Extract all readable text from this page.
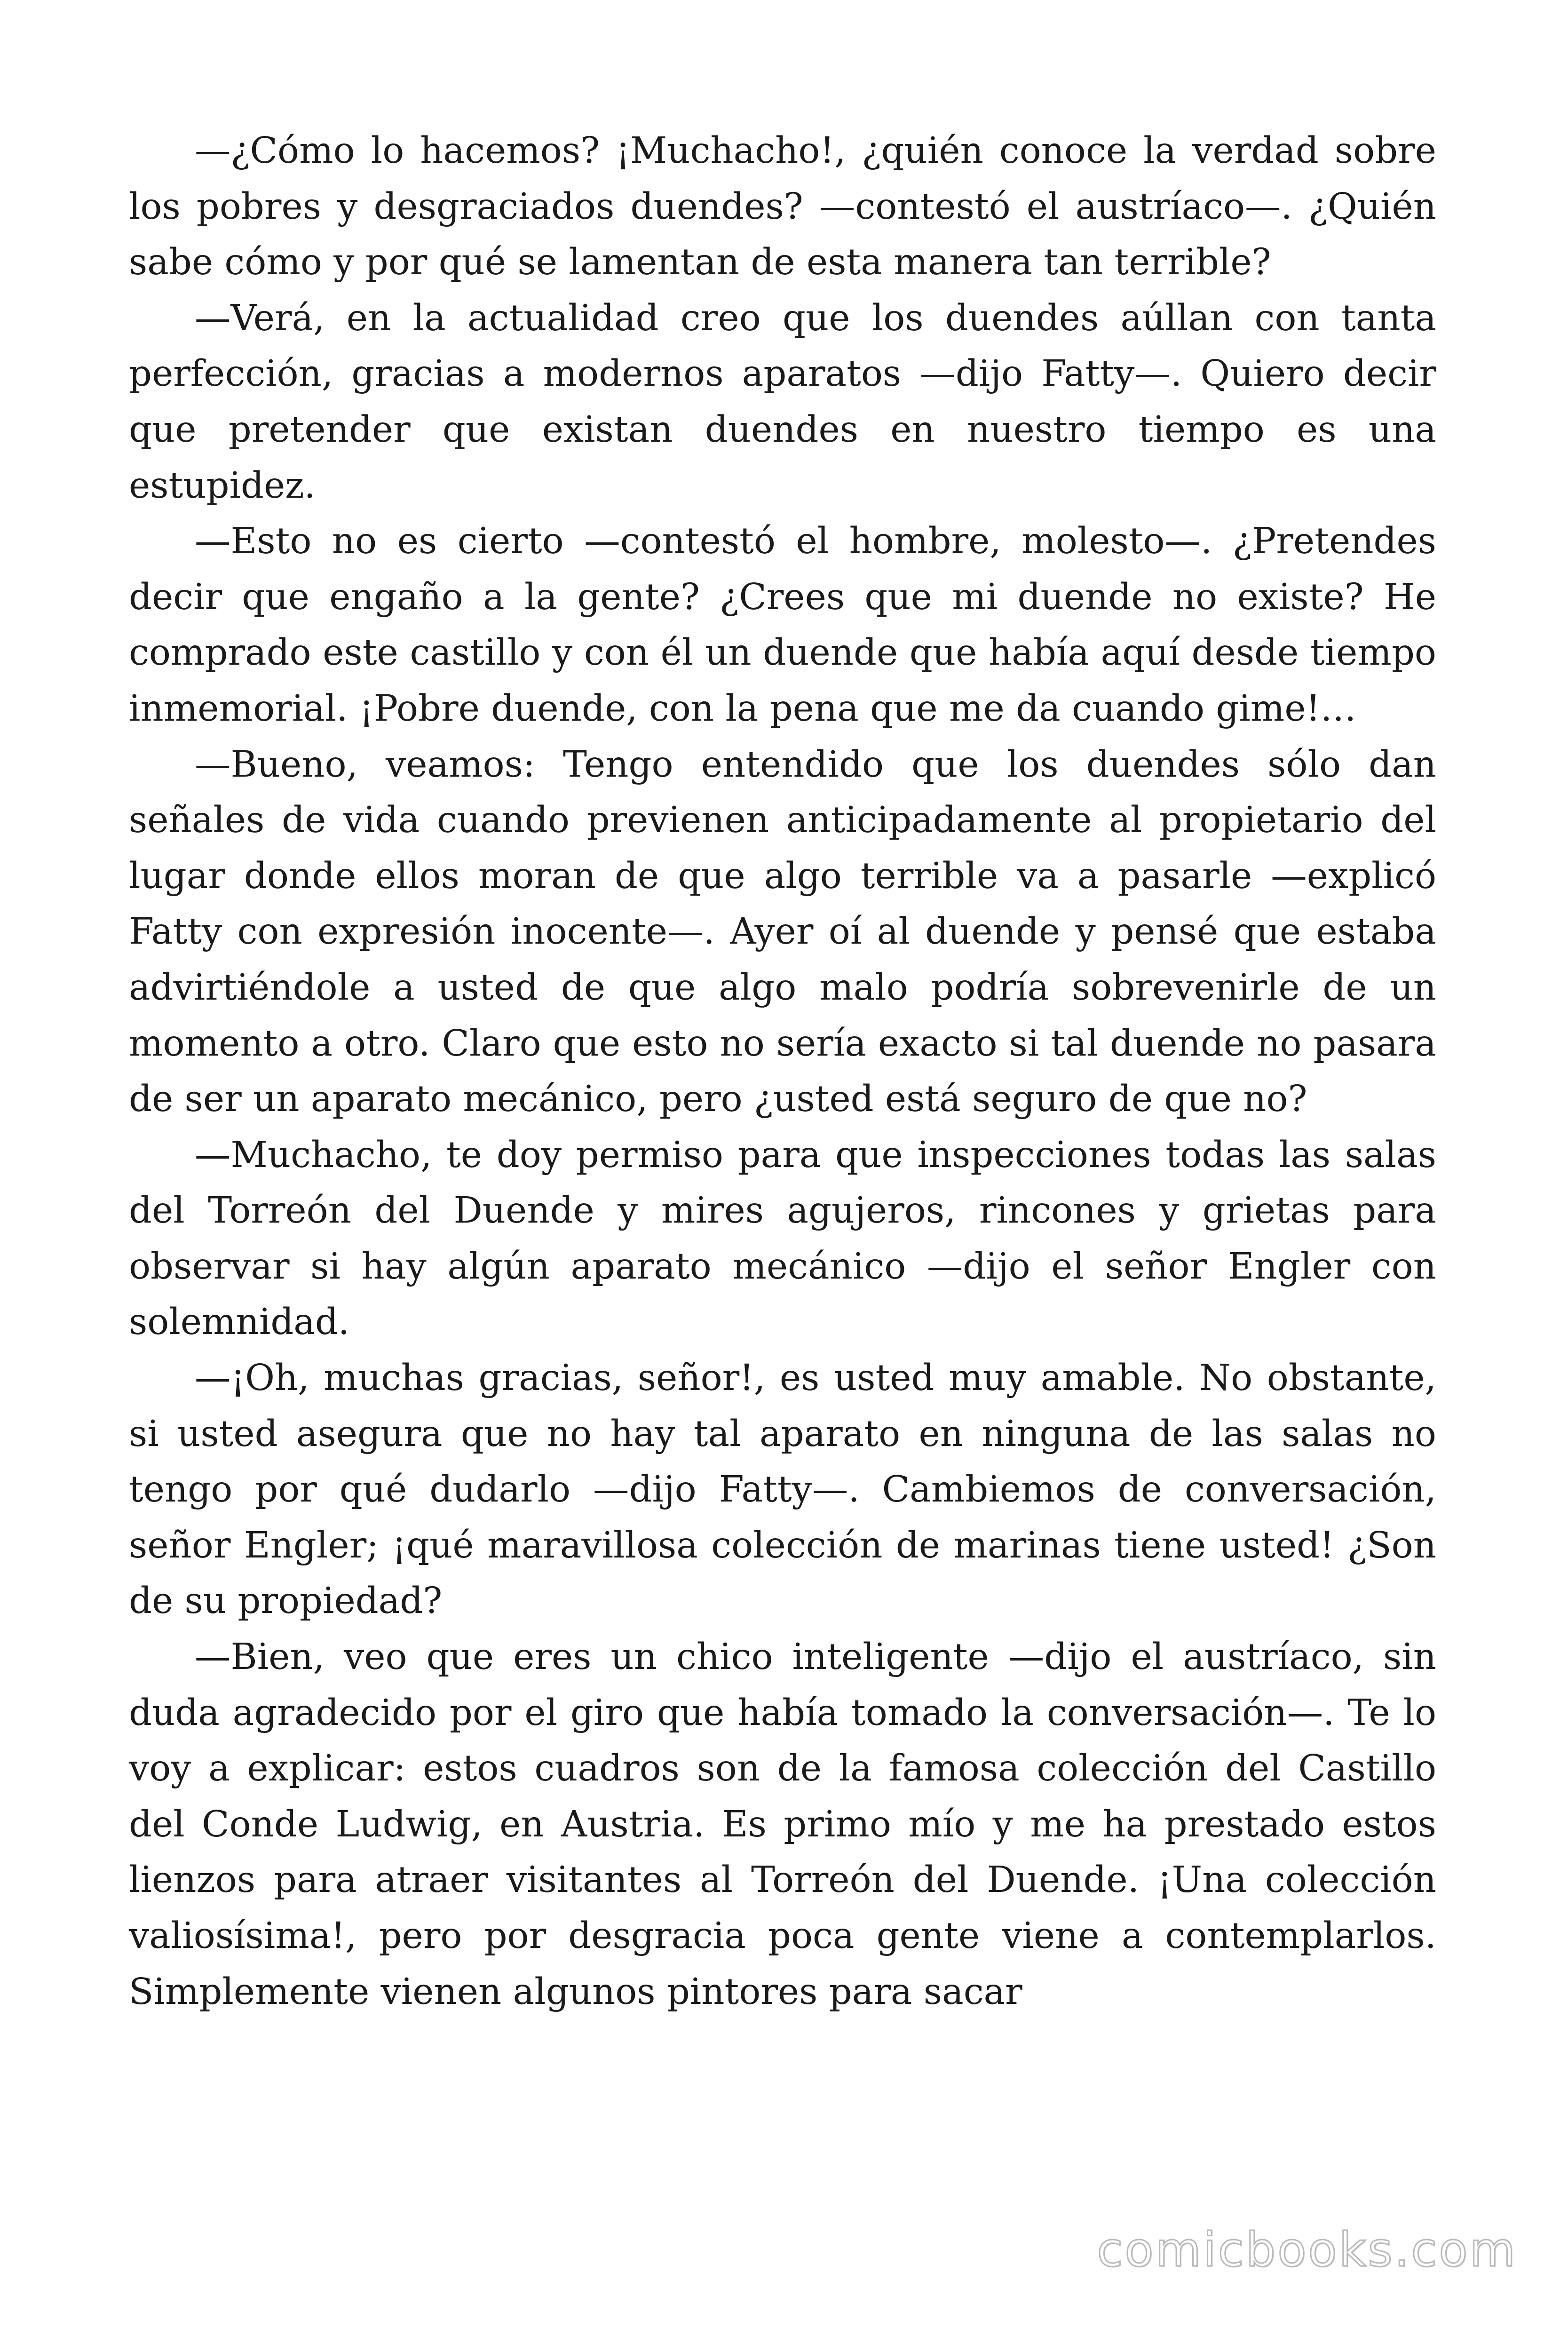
—¿Cómo lo hacemos? ¡Muchacho!, ¿quién conoce la verdad sobre los pobres y desgraciados duendes? —contestó el austríaco—. ¿Quién sabe cómo y por qué se lamentan de esta manera tan terrible?

—Verá, en la actualidad creo que los duendes aúllan con tanta perfección, gracias a modernos aparatos —dijo Fatty—. Quiero decir que pretender que existan duendes en nuestro tiempo es una estupidez.

—Esto no es cierto —contestó el hombre, molesto—. ¿Pretendes decir que engaño a la gente? ¿Crees que mi duende no existe? He comprado este castillo y con él un duende que había aquí desde tiempo inmemorial. ¡Pobre duende, con la pena que me da cuando gime!…

—Bueno, veamos: Tengo entendido que los duendes sólo dan señales de vida cuando previenen anticipadamente al propietario del lugar donde ellos moran de que algo terrible va a pasarle —explicó Fatty con expresión inocente—. Ayer oí al duende y pensé que estaba advirtiéndole a usted de que algo malo podría sobrevenirle de un momento a otro. Claro que esto no sería exacto si tal duende no pasara de ser un aparato mecánico, pero ¿usted está seguro de que no?

—Muchacho, te doy permiso para que inspecciones todas las salas del Torreón del Duende y mires agujeros, rincones y grietas para observar si hay algún aparato mecánico —dijo el señor Engler con solemnidad.

—¡Oh, muchas gracias, señor!, es usted muy amable. No obstante, si usted asegura que no hay tal aparato en ninguna de las salas no tengo por qué dudarlo —dijo Fatty—. Cambiemos de conversación, señor Engler; ¡qué maravillosa colección de marinas tiene usted! ¿Son de su propiedad?

—Bien, veo que eres un chico inteligente —dijo el austríaco, sin duda agradecido por el giro que había tomado la conversación—. Te lo voy a explicar: estos cuadros son de la famosa colección del Castillo del Conde Ludwig, en Austria. Es primo mío y me ha prestado estos lienzos para atraer visitantes al Torreón del Duende. ¡Una colección valiosísima!, pero por desgracia poca gente viene a contemplarlos. Simplemente vienen algunos pintores para sacar

comicbooks.com
